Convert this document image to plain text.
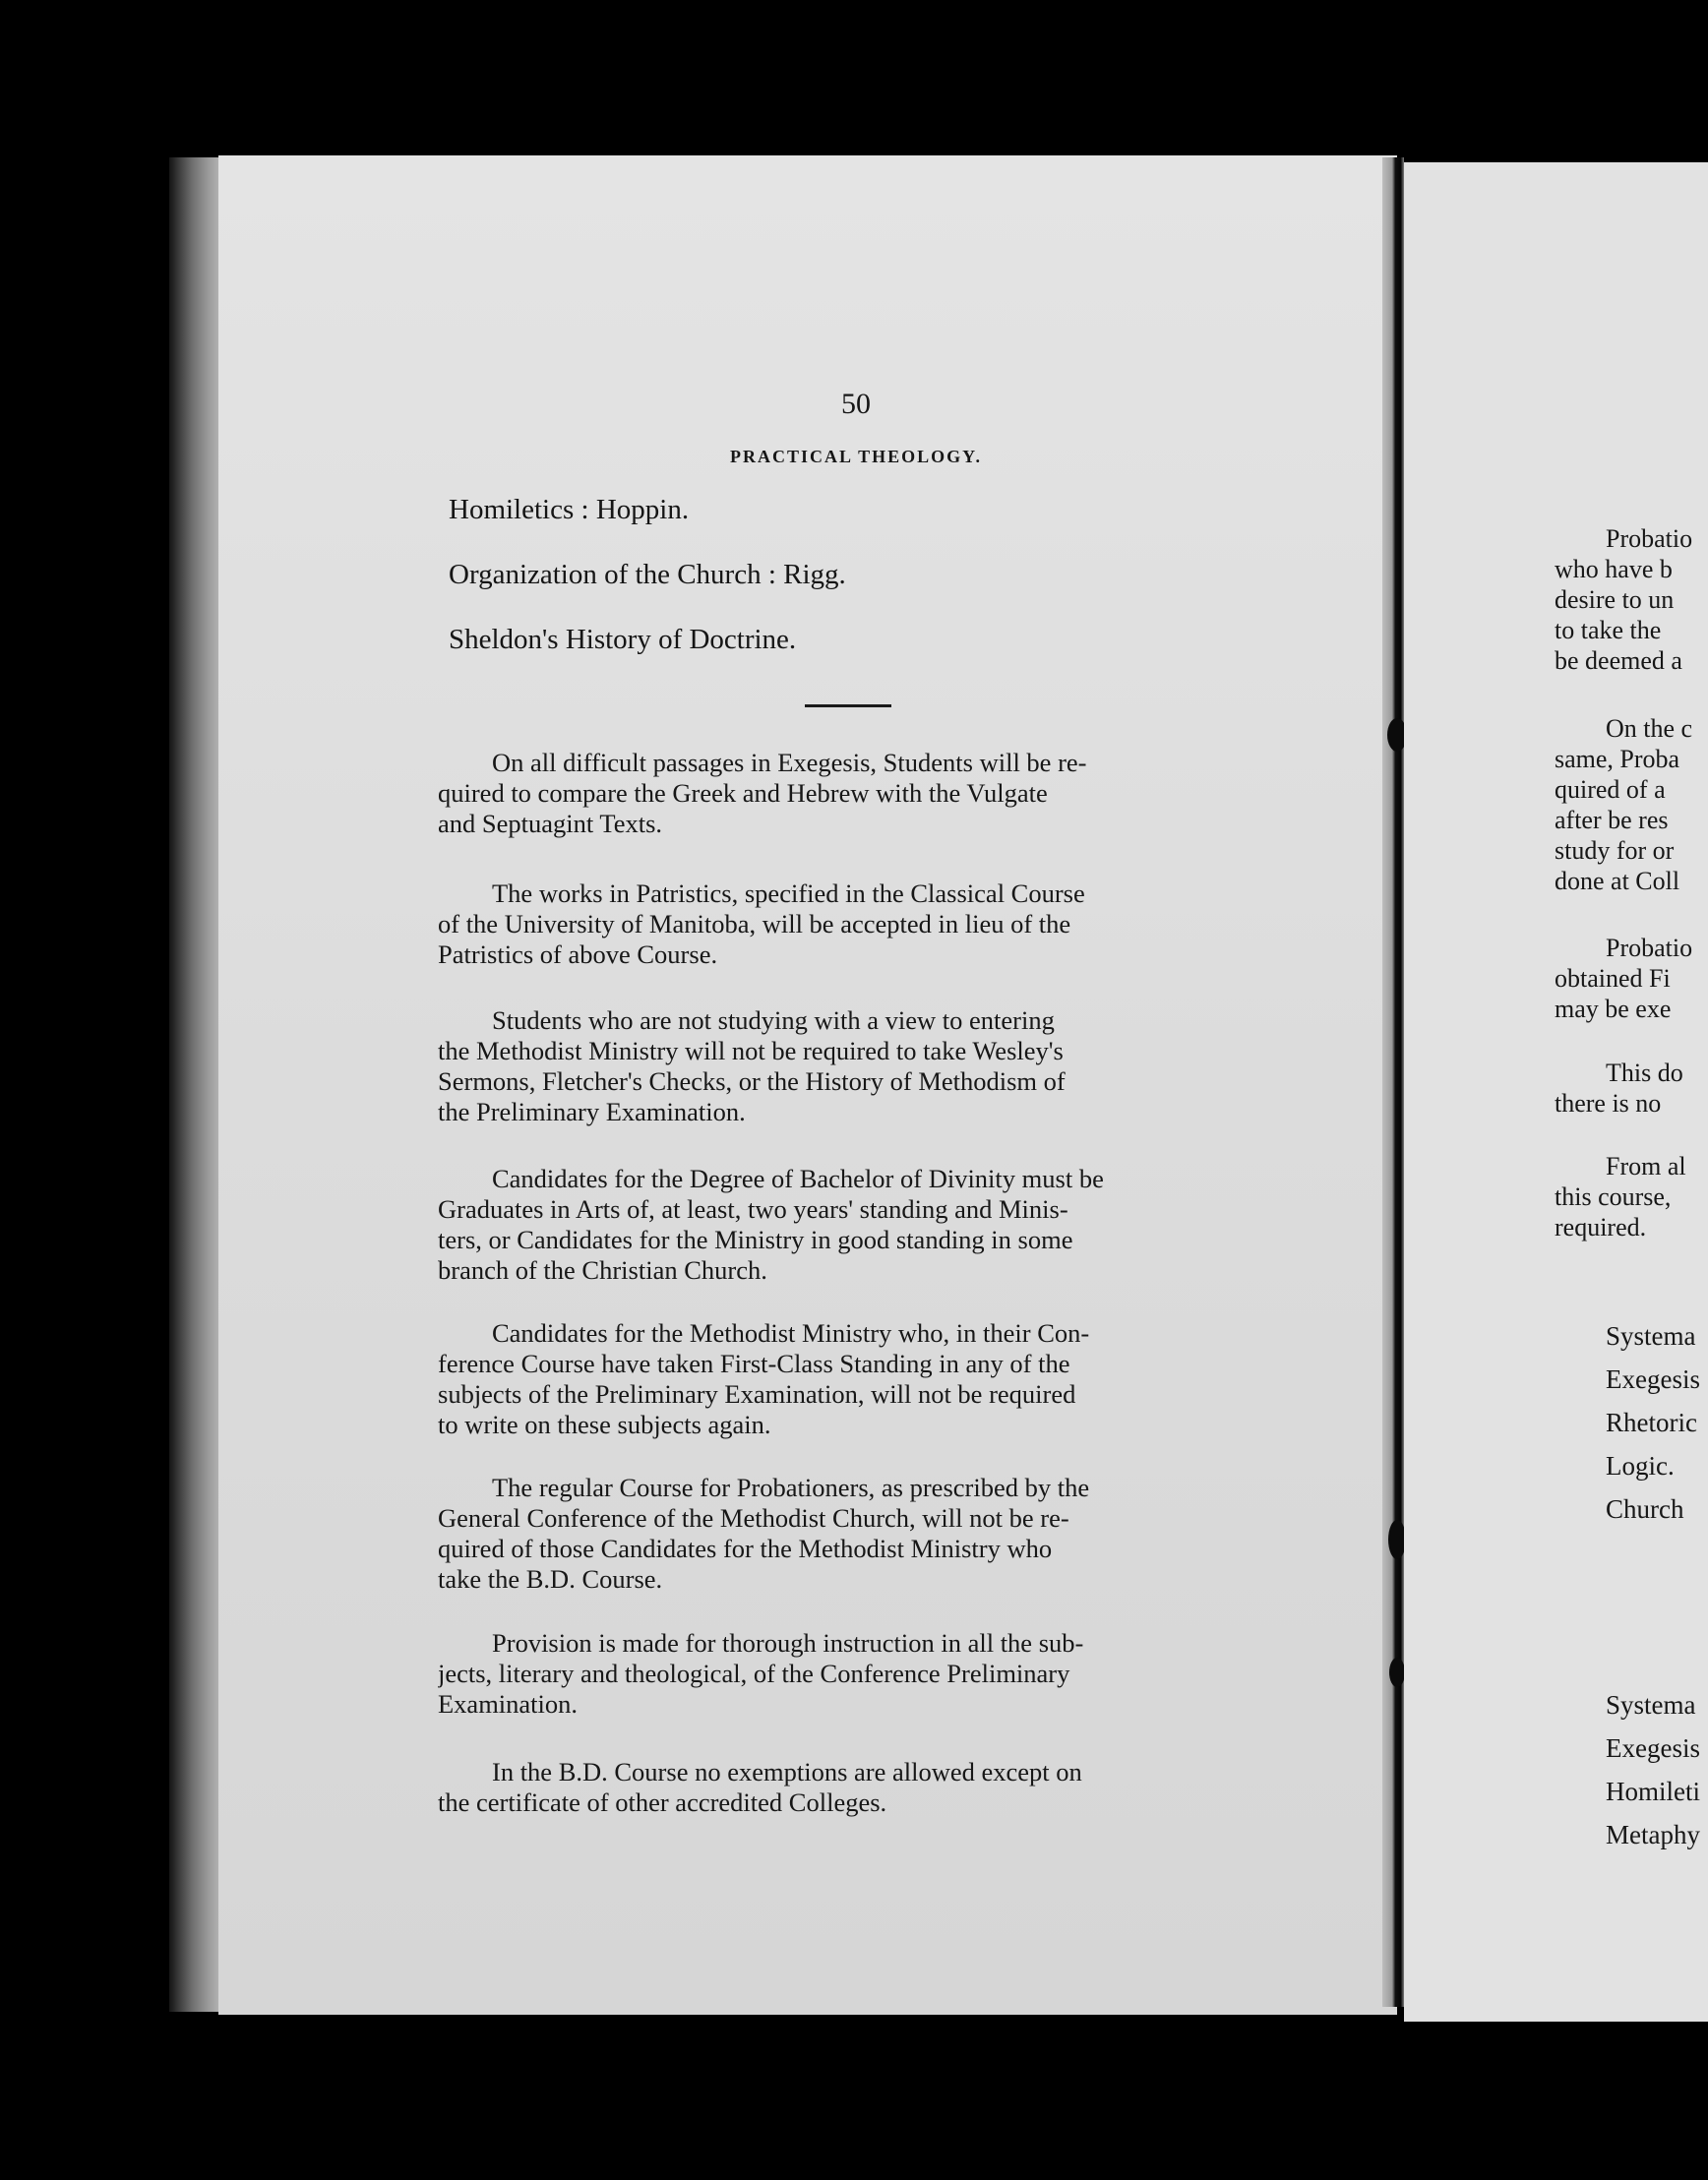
50
PRACTICAL THEOLOGY.
Homiletics : Hoppin.
Organization of the Church : Rigg.
Sheldon's History of Doctrine.
On all difficult passages in Exegesis, Students will be re-
quired to compare the Greek and Hebrew with the Vulgate
and Septuagint Texts.
The works in Patristics, specified in the Classical Course
of the University of Manitoba, will be accepted in lieu of the
Patristics of above Course.
Students who are not studying with a view to entering
the Methodist Ministry will not be required to take Wesley's
Sermons, Fletcher's Checks, or the History of Methodism of
the Preliminary Examination.
Candidates for the Degree of Bachelor of Divinity must be
Graduates in Arts of, at least, two years' standing and Minis-
ters, or Candidates for the Ministry in good standing in some
branch of the Christian Church.
Candidates for the Methodist Ministry who, in their Con-
ference Course have taken First-Class Standing in any of the
subjects of the Preliminary Examination, will not be required
to write on these subjects again.
The regular Course for Probationers, as prescribed by the
General Conference of the Methodist Church, will not be re-
quired of those Candidates for the Methodist Ministry who
take the B.D. Course.
Provision is made for thorough instruction in all the sub-
jects, literary and theological, of the Conference Preliminary
Examination.
In the B.D. Course no exemptions are allowed except on
the certificate of other accredited Colleges.
Probatio
who have b
desire to un
to take the
be deemed a
On the c
same, Proba
quired of a
after be res
study for or
done at Coll
Probatio
obtained Fi
may be exe
This do
there is no
From al
this course,
required.
Systema
Exegesis
Rhetoric
Logic.
Church
Systema
Exegesis
Homileti
Metaphy
